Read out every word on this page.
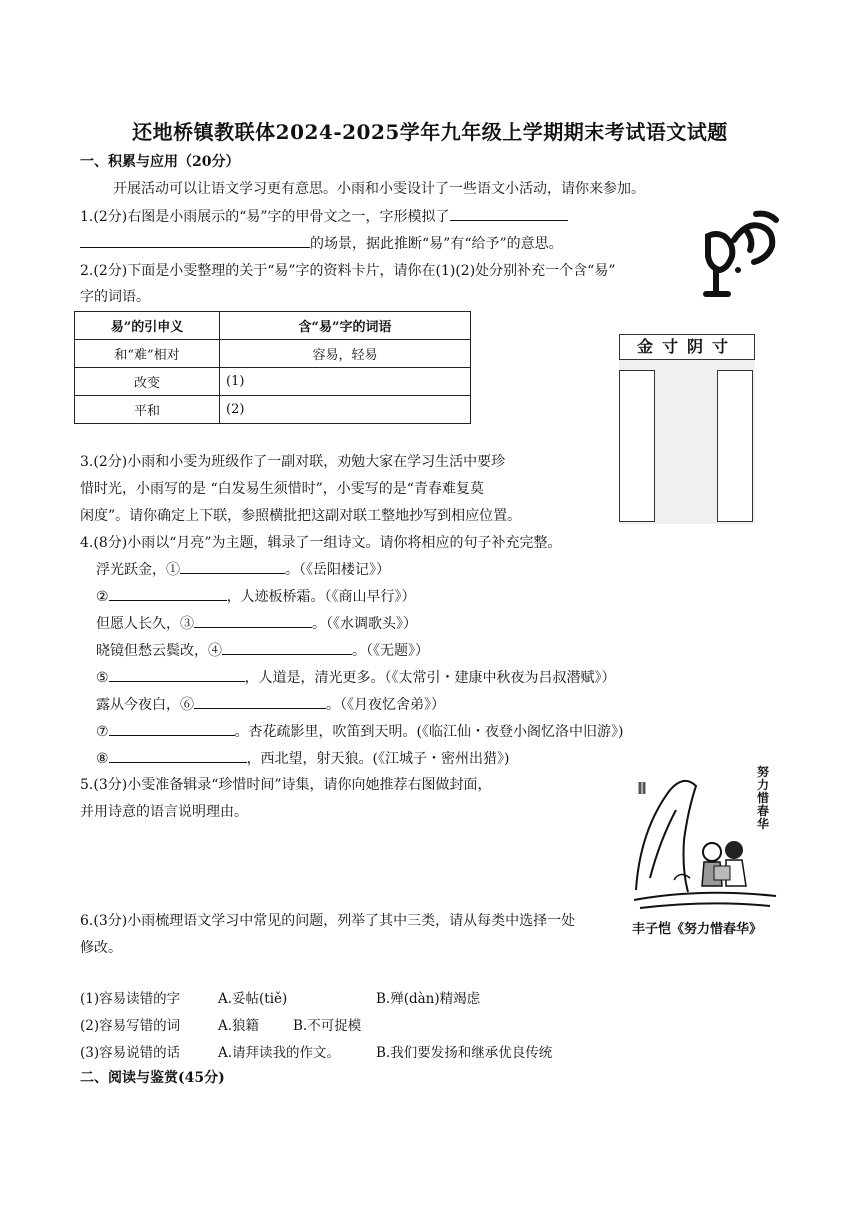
还地桥镇教联体2024-2025学年九年级上学期期末考试语文试题
一、积累与应用（20分）
开展活动可以让语文学习更有意思。小雨和小雯设计了一些语文小活动，请你来参加。
1.(2分)右图是小雨展示的“易”字的甲骨文之一，字形模拟了
的场景，据此推断“易”有“给予”的意思。
2.(2分)下面是小雯整理的关于“易”字的资料卡片，请你在(1)(2)处分别补充一个含“易”
字的词语。
易”的引申义	含“易”字的词语
和“难”相对	容易，轻易
改变	(1)
平和	(2)
金寸阴寸
3.(2分)小雨和小雯为班级作了一副对联，劝勉大家在学习生活中要珍
惜时光，小雨写的是 “白发易生须惜时”，小雯写的是“青春难复莫
闲度”。请你确定上下联，参照横批把这副对联工整地抄写到相应位置。
4.(8分)小雨以“月亮”为主题，辑录了一组诗文。请你将相应的句子补充完整。
浮光跃金，①	。（《岳阳楼记》）
②	，人迹板桥霜。（《商山早行》）
但愿人长久，③	。（《水调歌头》）
晓镜但愁云鬓改，④	。（《无题》）
⑤	，人道是，清光更多。（《太常引・建康中秋夜为吕叔潜赋》）
露从今夜白，⑥	。（《月夜忆舍弟》）
⑦	。杏花疏影里，吹笛到天明。(《临江仙・夜登小阁忆洛中旧游》)
⑧	，西北望，射天狼。(《江城子・密州出猎》)
5.(3分)小雯准备辑录“珍惜时间”诗集，请你向她推荐右图做封面，
并用诗意的语言说明理由。
努力惜春华
丰子恺《努力惜春华》
6.(3分)小雨梳理语文学习中常见的问题，列举了其中三类，请从每类中选择一处
修改。
(1)容易读错的字	A.妥帖(tiě)	B.殚(dàn)精竭虑
(2)容易写错的词	A.狼籍	B.不可捉模
(3)容易说错的话	A.请拜读我的作文。	B.我们要发扬和继承优良传统
二、阅读与鉴赏(45分)
